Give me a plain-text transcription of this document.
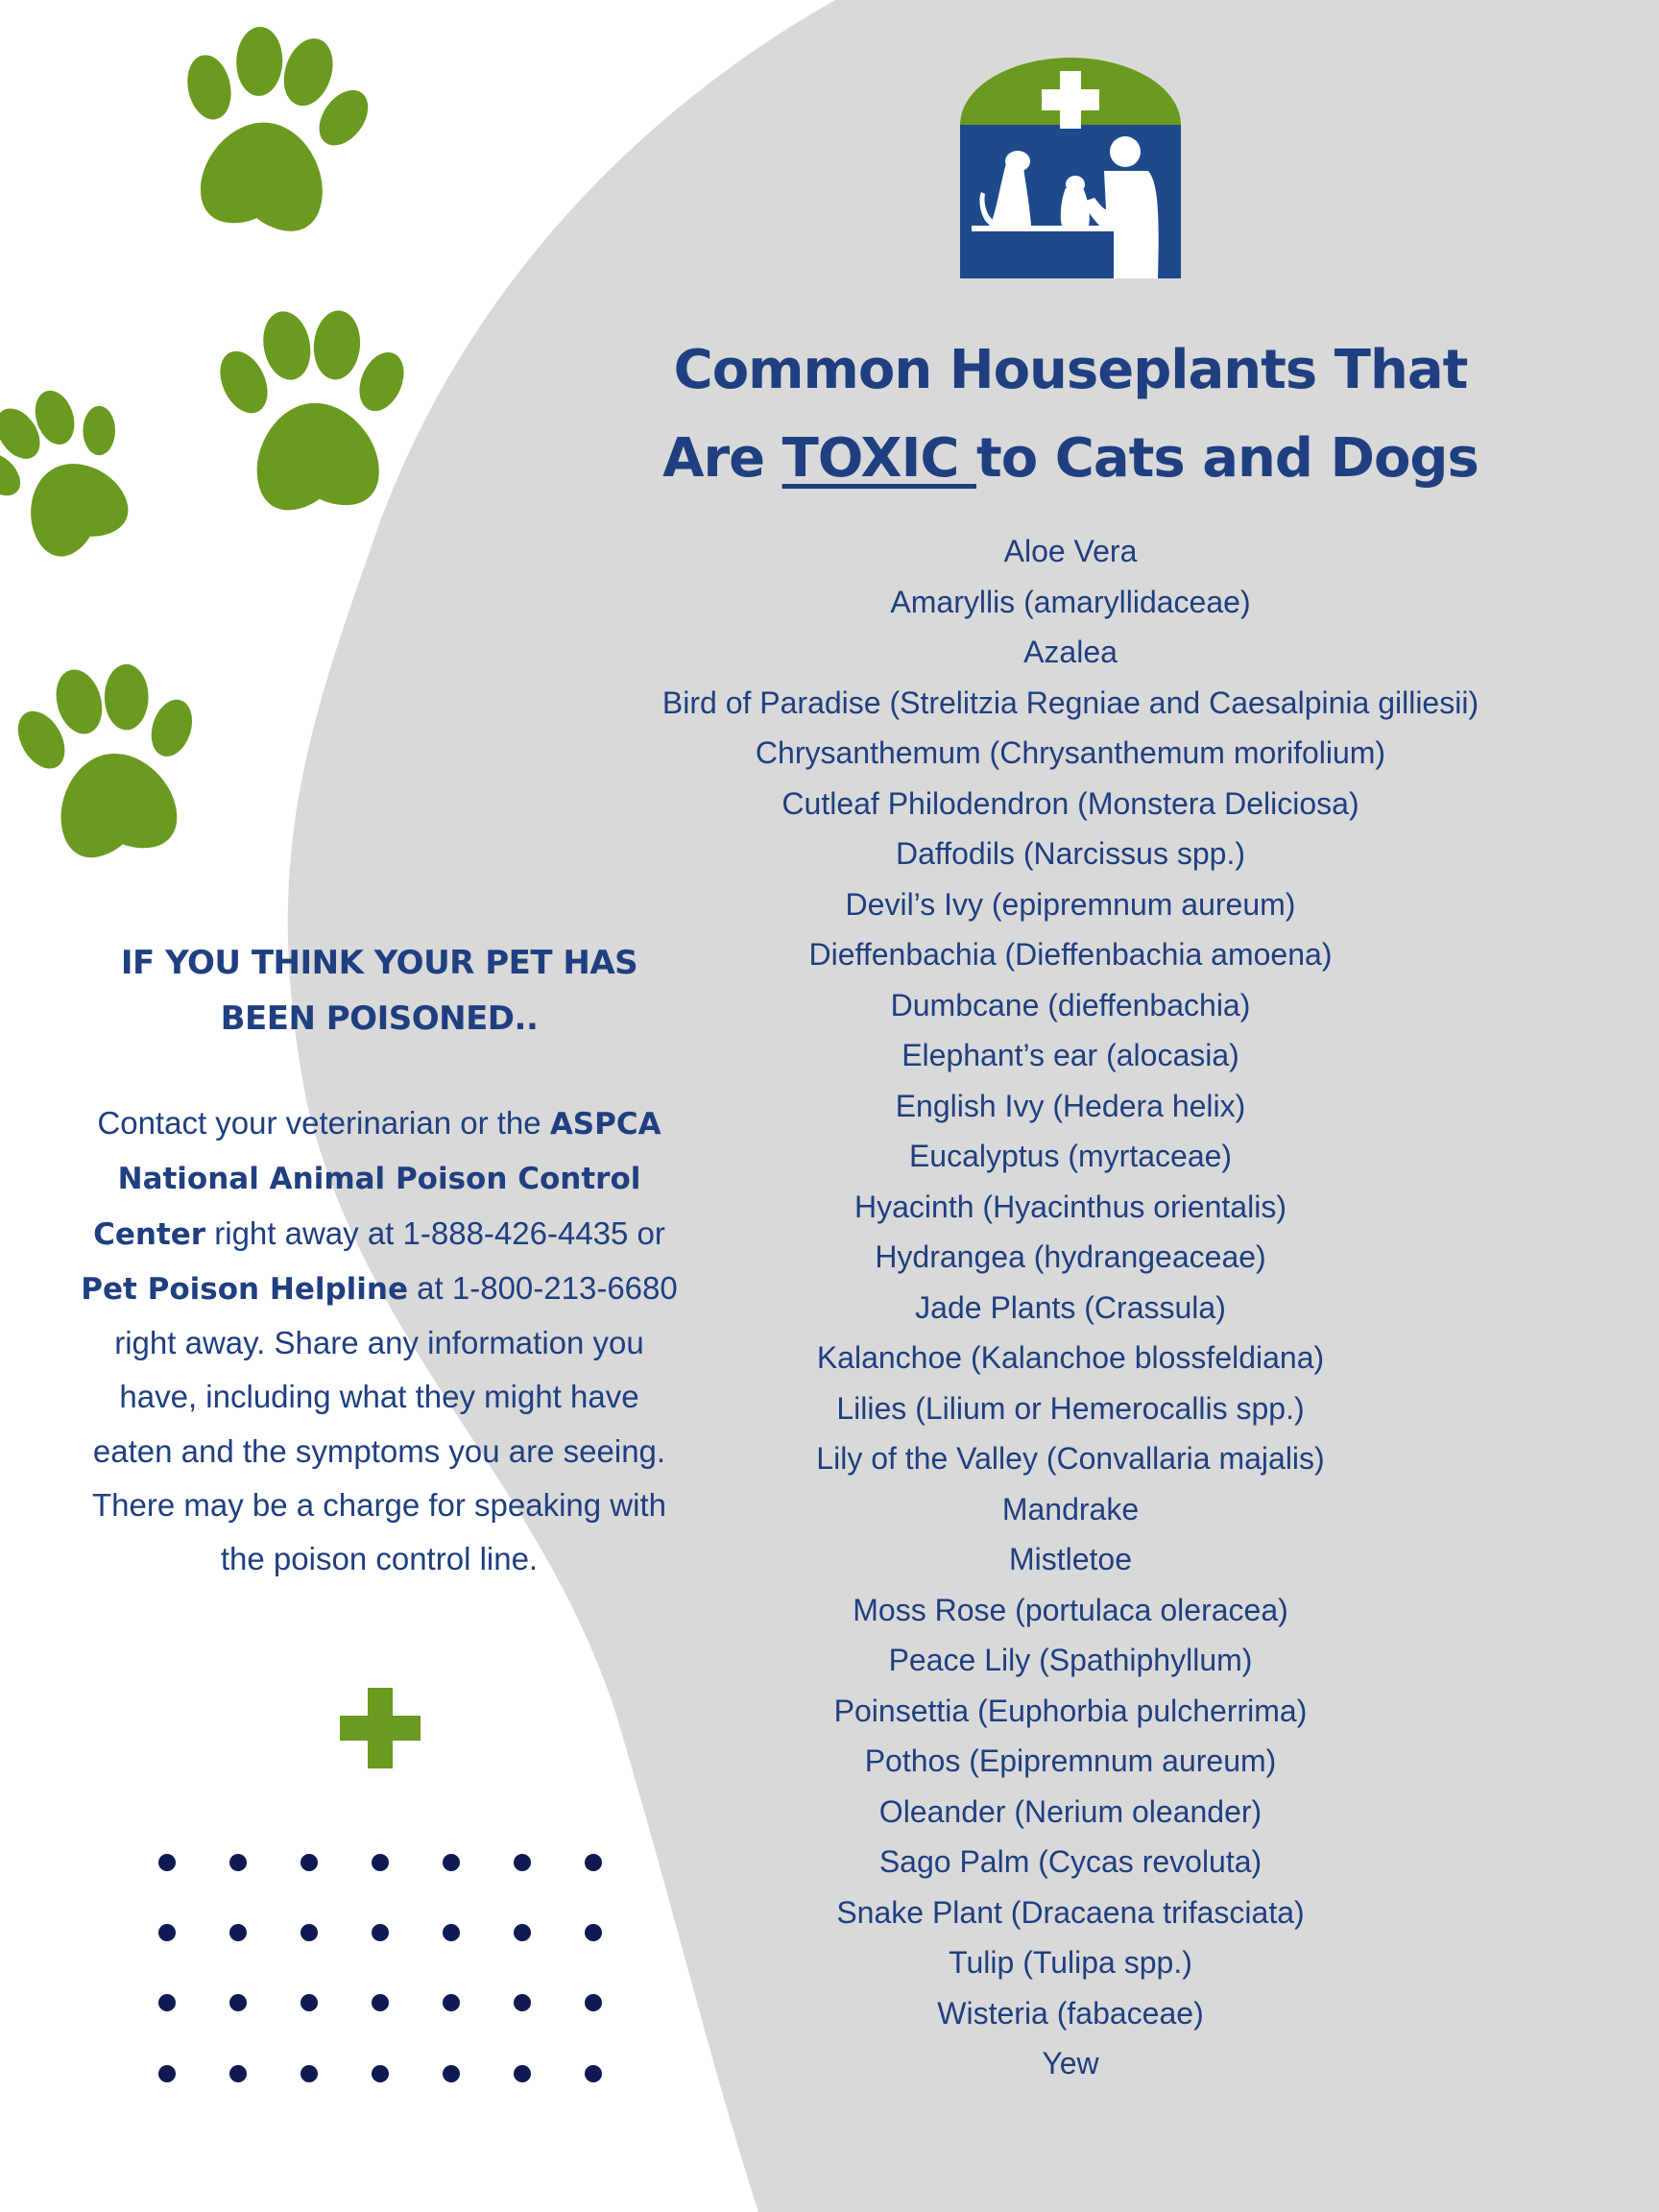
Common Houseplants That
Are TOXIC to Cats and Dogs
Aloe Vera
Amaryllis (amaryllidaceae)
Azalea
Bird of Paradise (Strelitzia Regniae and Caesalpinia gilliesii)
Chrysanthemum (Chrysanthemum morifolium)
Cutleaf Philodendron (Monstera Deliciosa)
Daffodils (Narcissus spp.)
Devil’s Ivy (epipremnum aureum)
Dieffenbachia (Dieffenbachia amoena)
Dumbcane (dieffenbachia)
Elephant’s ear (alocasia)
English Ivy (Hedera helix)
Eucalyptus (myrtaceae)
Hyacinth (Hyacinthus orientalis)
Hydrangea (hydrangeaceae)
Jade Plants (Crassula)
Kalanchoe (Kalanchoe blossfeldiana)
Lilies (Lilium or Hemerocallis spp.)
Lily of the Valley (Convallaria majalis)
Mandrake
Mistletoe
Moss Rose (portulaca oleracea)
Peace Lily (Spathiphyllum)
Poinsettia (Euphorbia pulcherrima)
Pothos (Epipremnum aureum)
Oleander (Nerium oleander)
Sago Palm (Cycas revoluta)
Snake Plant (Dracaena trifasciata)
Tulip (Tulipa spp.)
Wisteria (fabaceae)
Yew
IF YOU THINK YOUR PET HAS BEEN POISONED..
Contact your veterinarian or the ASPCA National Animal Poison Control Center right away at 1-888-426-4435 or Pet Poison Helpline at 1-800-213-6680 right away. Share any information you have, including what they might have eaten and the symptoms you are seeing. There may be a charge for speaking with the poison control line.
